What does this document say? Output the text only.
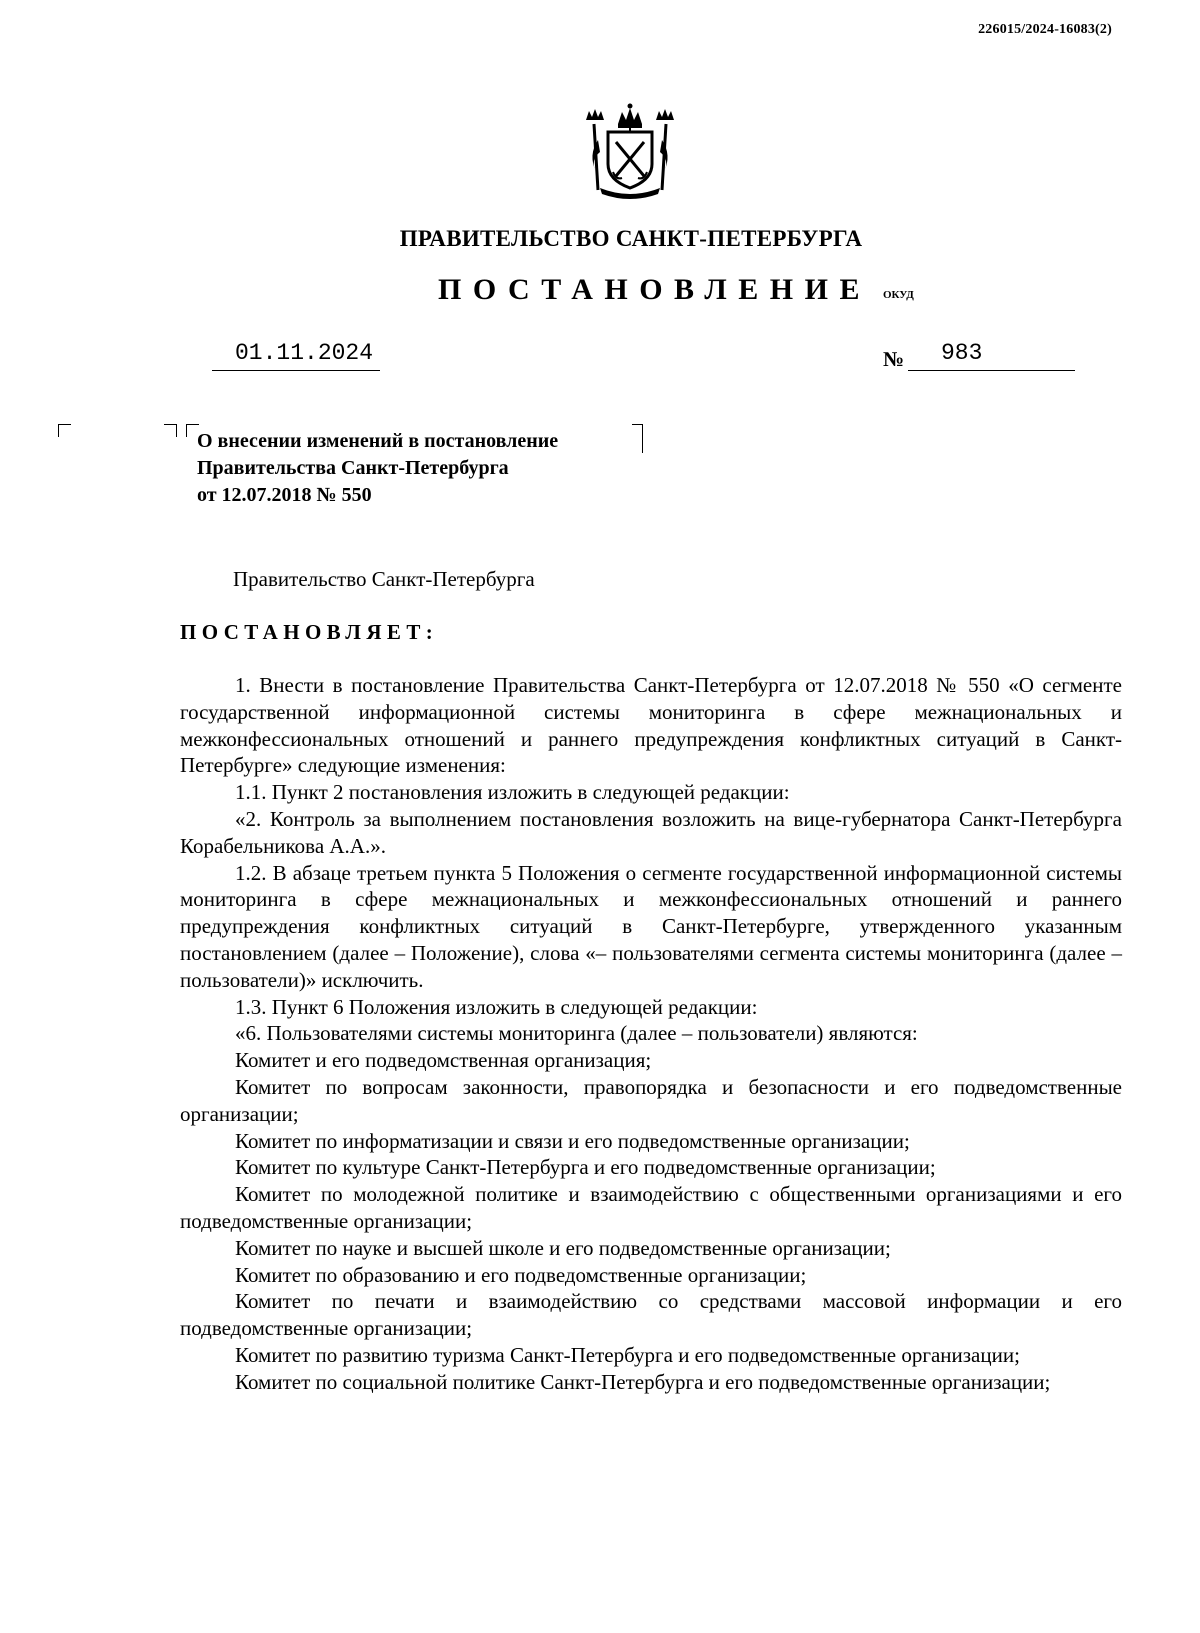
226015/2024-16083(2)
ПРАВИТЕЛЬСТВО САНКТ-ПЕТЕРБУРГА
ПОСТАНОВЛЕНИЕ ОКУД
01.11.2024	№ 983
О внесении изменений в постановление
Правительства Санкт-Петербурга
от 12.07.2018 № 550
Правительство Санкт-Петербурга
ПОСТАНОВЛЯЕТ:

1. Внести в постановление Правительства Санкт-Петербурга от 12.07.2018 № 550 «О сегменте государственной информационной системы мониторинга в сфере межнациональных и межконфессиональных отношений и раннего предупреждения конфликтных ситуаций в Санкт-Петербурге» следующие изменения:

1.1. Пункт 2 постановления изложить в следующей редакции:

«2. Контроль за выполнением постановления возложить на вице-губернатора Санкт-Петербурга Корабельникова А.А.».

1.2. В абзаце третьем пункта 5 Положения о сегменте государственной информационной системы мониторинга в сфере межнациональных и межконфессиональных отношений и раннего предупреждения конфликтных ситуаций в Санкт-Петербурге, утвержденного указанным постановлением (далее – Положение), слова «– пользователями сегмента системы мониторинга (далее – пользователи)» исключить.

1.3. Пункт 6 Положения изложить в следующей редакции:

«6. Пользователями системы мониторинга (далее – пользователи) являются:

Комитет и его подведомственная организация;

Комитет по вопросам законности, правопорядка и безопасности и его подведомственные организации;

Комитет по информатизации и связи и его подведомственные организации;

Комитет по культуре Санкт-Петербурга и его подведомственные организации;

Комитет по молодежной политике и взаимодействию с общественными организациями и его подведомственные организации;

Комитет по науке и высшей школе и его подведомственные организации;

Комитет по образованию и его подведомственные организации;

Комитет по печати и взаимодействию со средствами массовой информации и его подведомственные организации;

Комитет по развитию туризма Санкт-Петербурга и его подведомственные организации;

Комитет по социальной политике Санкт-Петербурга и его подведомственные организации;
